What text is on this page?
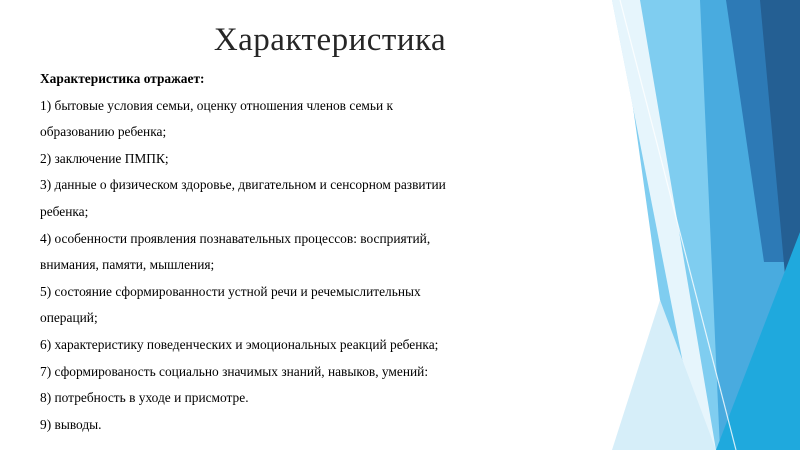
Характеристика
Характеристика отражает:
1) бытовые условия семьи, оценку отношения членов семьи к
образованию ребенка;
2) заключение ПМПК;
3) данные о физическом здоровье, двигательном и сенсорном развитии
ребенка;
4) особенности проявления познавательных процессов: восприятий,
внимания, памяти, мышления;
5) состояние сформированности устной речи и речемыслительных
операций;
6) характеристику поведенческих и эмоциональных реакций ребенка;
7) сформированость социально значимых знаний, навыков, умений:
8) потребность в уходе и присмотре.
9) выводы.
